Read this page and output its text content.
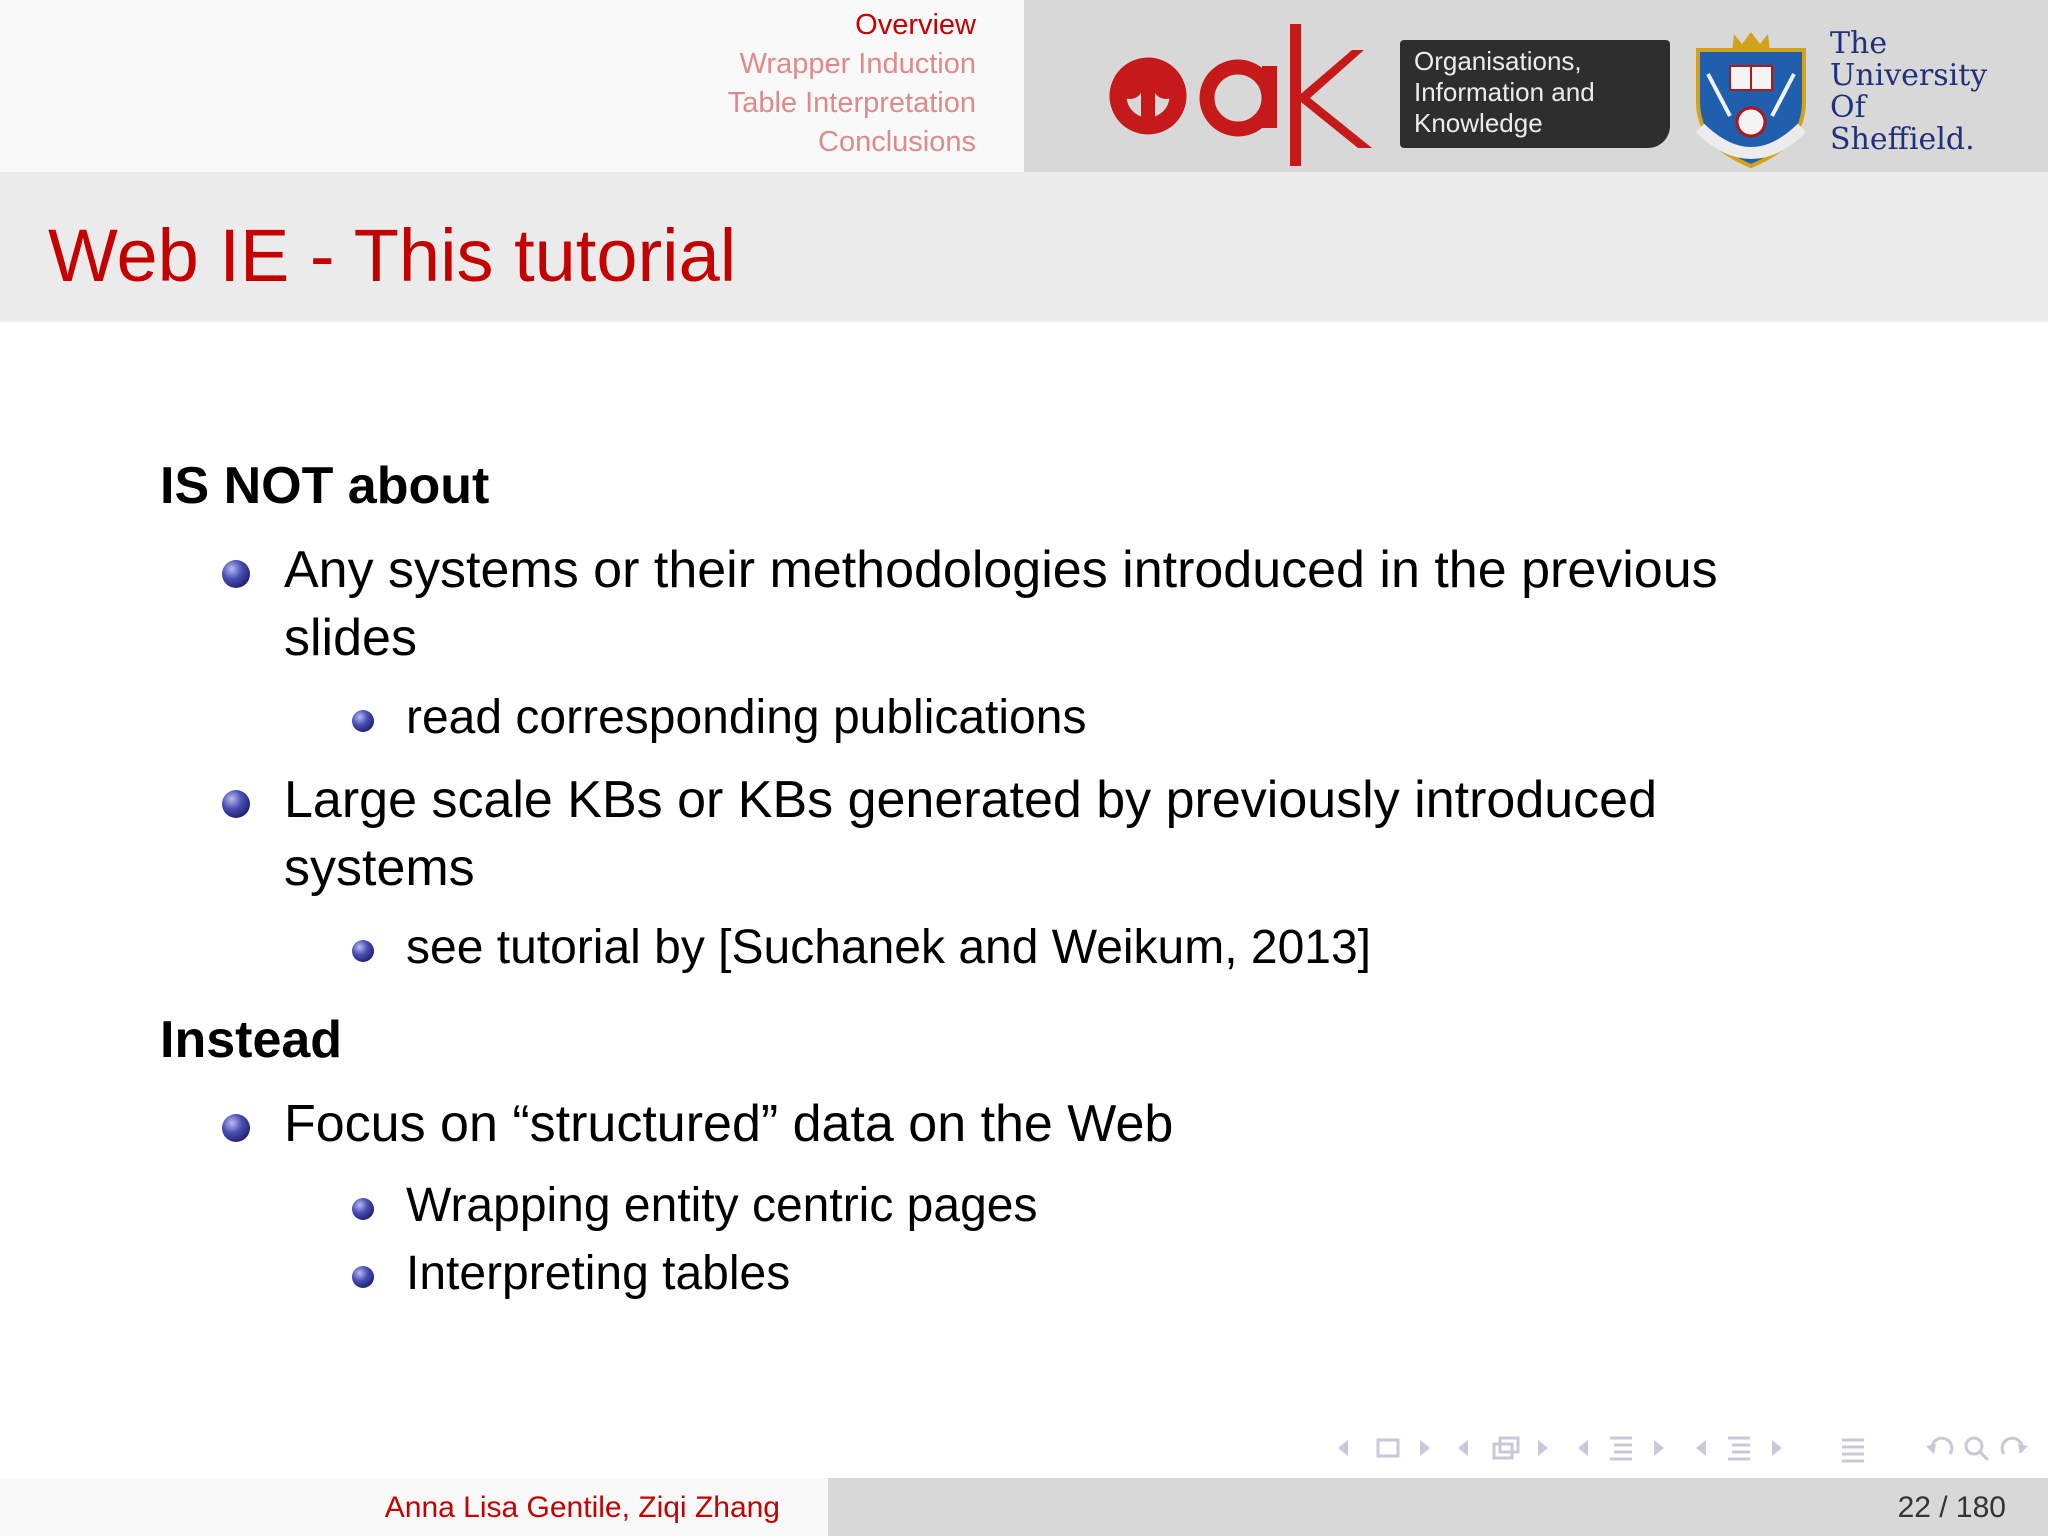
Overview
Wrapper Induction
Table Interpretation
Conclusions
Organisations,
Information and
Knowledge
The
University
Of
Sheffield.
Web IE - This tutorial
IS NOT about
Any systems or their methodologies introduced in the previous slides
read corresponding publications
Large scale KBs or KBs generated by previously introduced systems
see tutorial by [Suchanek and Weikum, 2013]
Instead
Focus on “structured” data on the Web
Wrapping entity centric pages
Interpreting tables
Anna Lisa Gentile, Ziqi Zhang	22 / 180
